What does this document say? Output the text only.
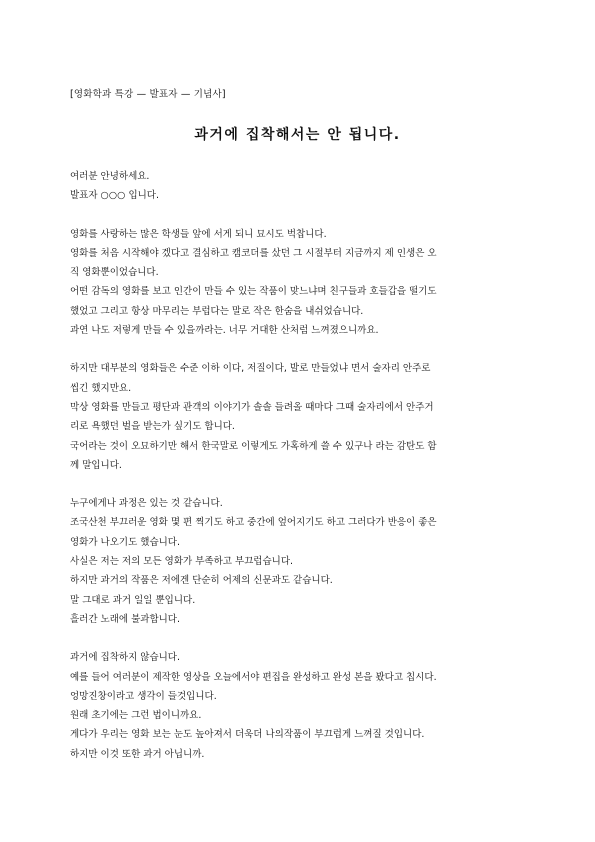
[영화학과 특강 — 발표자 — 기념사]
과거에 집착해서는 안 됩니다.
여러분 안녕하세요.
발표자 ○○○ 입니다.
영화를 사랑하는 많은 학생들 앞에 서게 되니 묘시도 벅찹니다.
영화를 처음 시작해야 겠다고 결심하고 캠코더를 샀던 그 시절부터 지금까지 제 인생은 오
직 영화뿐이었습니다.
어떤 감독의 영화를 보고 인간이 만들 수 있는 작품이 맞느냐며 친구들과 호들갑을 떨기도
했었고 그리고 항상 마무리는 부럽다는 말로 작은 한숨을 내쉬었습니다.
과연 나도 저렇게 만들 수 있을까라는. 너무 거대한 산처럼 느껴졌으니까요.
하지만 대부분의 영화들은 수준 이하 이다, 저질이다, 발로 만들었냐 면서 술자리 안주로
씹긴 했지만요.
막상 영화를 만들고 평단과 관객의 이야기가 솔솔 들려올 때마다 그때 술자리에서 안주거
리로 욕했던 벌을 받는가 싶기도 합니다.
국어라는 것이 오묘하기만 해서 한국말로 이렇게도 가혹하게 쓸 수 있구나 라는 감탄도 함
께 말입니다.
누구에게나 과정은 있는 것 같습니다.
조국산천 부끄러운 영화 몇 편 찍기도 하고 중간에 엎어지기도 하고 그러다가 반응이 좋은
영화가 나오기도 했습니다.
사실은 저는 저의 모든 영화가 부족하고 부끄럽습니다.
하지만 과거의 작품은 저에겐 단순히 어제의 신문과도 같습니다.
말 그대로 과거 일일 뿐입니다.
흘러간 노래에 불과합니다.
과거에 집착하지 않습니다.
예를 들어 여러분이 제작한 영상을 오늘에서야 편집을 완성하고 완성 본을 봤다고 칩시다.
엉망진창이라고 생각이 들것입니다.
원래 초기에는 그런 법이니까요.
게다가 우리는 영화 보는 눈도 높아져서 더욱더 나의작품이 부끄럽게 느껴질 것입니다.
하지만 이것 또한 과거 아닙니까.
